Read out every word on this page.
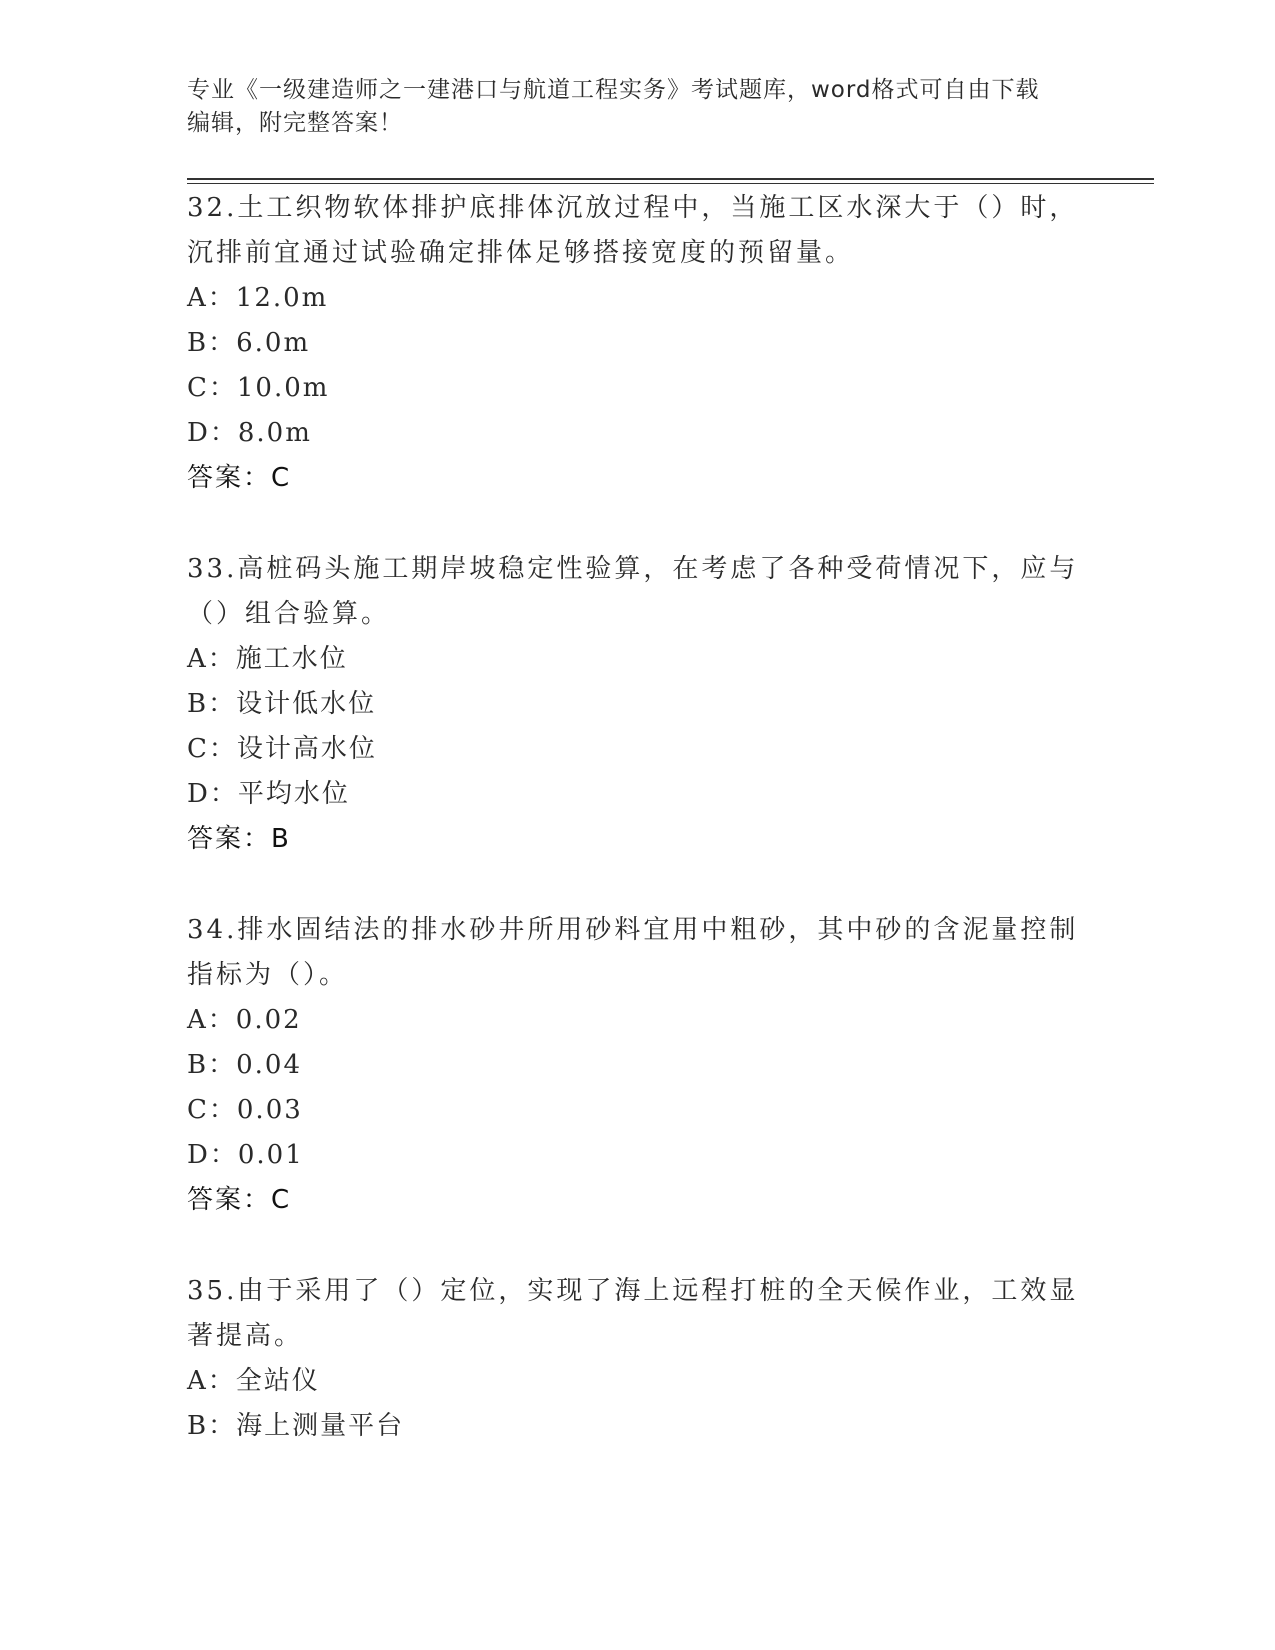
专业《一级建造师之一建港口与航道工程实务》考试题库，word格式可自由下载
编辑，附完整答案！

32.土工织物软体排护底排体沉放过程中，当施工区水深大于（）时，

沉排前宜通过试验确定排体足够搭接宽度的预留量。

A：12.0m

B：6.0m

C：10.0m

D：8.0m

答案：C

33.高桩码头施工期岸坡稳定性验算，在考虑了各种受荷情况下，应与

（）组合验算。

A：施工水位

B：设计低水位

C：设计高水位

D：平均水位

答案：B

34.排水固结法的排水砂井所用砂料宜用中粗砂，其中砂的含泥量控制

指标为（）。

A：0.02

B：0.04

C：0.03

D：0.01

答案：C

35.由于采用了（）定位，实现了海上远程打桩的全天候作业，工效显

著提高。

A：全站仪

B：海上测量平台
